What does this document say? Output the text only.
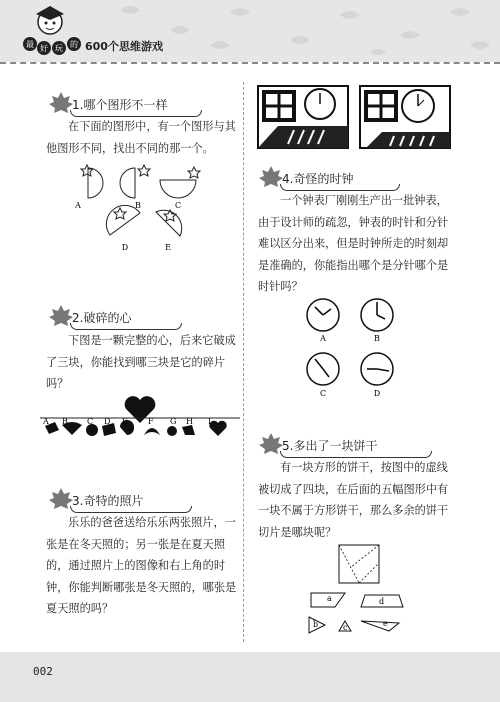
最 好 玩 的 600个思维游戏
1.哪个图形不一样
在下面的图形中，有一个图形与其他图形不同，找出不同的那一个。
A	B	C
D	E
2.破碎的心
下图是一颗完整的心，后来它破成了三块，你能找到哪三块是它的碎片吗？
A B C D E	F G H I
3.奇特的照片
乐乐的爸爸送给乐乐两张照片，一张是在冬天照的；另一张是在夏天照的，通过照片上的图像和右上角的时钟，你能判断哪张是冬天照的，哪张是夏天照的吗？
4.奇怪的时钟
一个钟表厂刚刚生产出一批钟表，由于设计师的疏忽，钟表的时针和分针难以区分出来，但是时钟所走的时刻却是准确的，你能指出哪个是分针哪个是时针吗？
A	B
C	D
5.多出了一块饼干
有一块方形的饼干，按图中的虚线被切成了四块，在后面的五幅图形中有一块不属于方形饼干，那么多余的饼干切片是哪块呢？
a
b	c
d
e
002
